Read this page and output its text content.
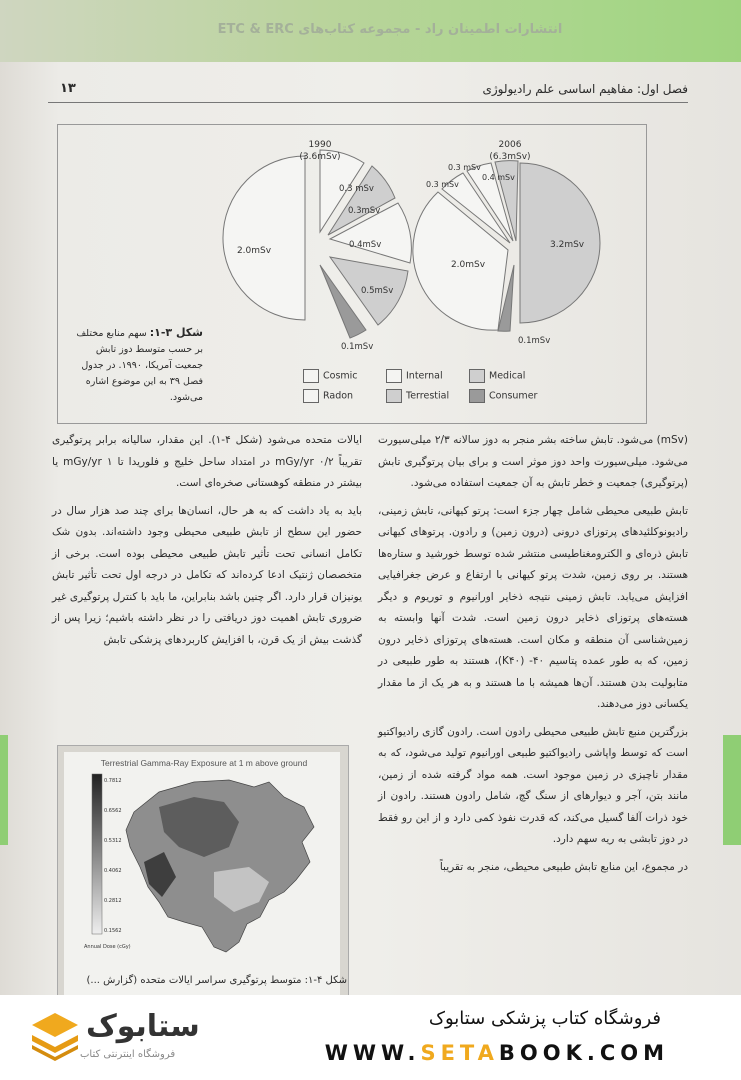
انتشارات اطمینان راد - مجموعه کتاب‌های ETC & ERC
۱۳	فصل اول: مفاهیم اساسی علم رادیولوژی
1990
(3.6mSv)
2.0mSv
0.3 mSv
0.3mSv
0.4mSv
0.5mSv
0.1mSv
2006
(6.3mSv)
3.2mSv
2.0mSv
0.3 mSv
0.3 mSv
0.4 mSv
0.1mSv
شکل ۳-۱: سهم منابع مختلف بر حسب متوسط دوز تابش جمعیت آمریکا، ۱۹۹۰. در جدول فصل ۳۹ به این موضوع اشاره می‌شود.
Cosmic	Internal	Medical
Radon	Terrestial	Consumer

(mSv) می‌شود. تابش ساخته بشر منجر به دوز سالانه ۲/۳ میلی‌سیورت می‌شود. میلی‌سیورت واحد دوز موثر است و برای بیان پرتوگیری تابش (پرتوگیری) جمعیت و خطر تابش به آن جمعیت استفاده می‌شود.

تابش طبیعی محیطی شامل چهار جزء است: پرتو کیهانی، تابش زمینی، رادیونوکلئیدهای پرتوزای درونی (درون زمین) و رادون. پرتوهای کیهانی تابش ذره‌ای و الکترومغناطیسی منتشر شده توسط خورشید و ستاره‌ها هستند. بر روی زمین، شدت پرتو کیهانی با ارتفاع و عرض جغرافیایی افزایش می‌یابد. تابش زمینی نتیجه ذخایر اورانیوم و توریوم و دیگر هسته‌های پرتوزای ذخایر درون زمین است. شدت آنها وابسته به زمین‌شناسی آن منطقه و مکان است. هسته‌های پرتوزای ذخایر درون زمین، که به طور عمده پتاسیم ۴۰- (K۴۰)، هستند به طور طبیعی در متابولیت بدن هستند. آن‌ها همیشه با ما هستند و به هر یک از ما مقدار یکسانی دوز می‌دهند.

بزرگترین منبع تابش طبیعی محیطی رادون است. رادون گازی رادیواکتیو است که توسط واپاشی رادیواکتیو طبیعی اورانیوم تولید می‌شود، که به مقدار ناچیزی در زمین موجود است. همه مواد گرفته شده از زمین، مانند بتن، آجر و دیوارهای از سنگ گچ، شامل رادون هستند. رادون از خود ذرات آلفا گسیل می‌کند، که قدرت نفوذ کمی دارد و از این رو فقط در دوز تابشی به ریه سهم دارد.

در مجموع، این منابع تابش طبیعی محیطی، منجر به تقریباً

ایالات متحده می‌شود (شکل ۴-۱). این مقدار، سالیانه برابر پرتوگیری تقریباً ۰/۲ mGy/yr در امتداد ساحل خلیج و فلوریدا تا ۱ mGy/yr یا بیشتر در منطقه کوهستانی صخره‌ای است.

باید به یاد داشت که به هر حال، انسان‌ها برای چند صد هزار سال در حضور این سطح از تابش طبیعی محیطی وجود داشته‌اند. بدون شک تکامل انسانی تحت تأثیر تابش طبیعی محیطی بوده است. برخی از متخصصان ژنتیک ادعا کرده‌اند که تکامل در درجه اول تحت تأثیر تابش یونیزان قرار دارد. اگر چنین باشد بنابراین، ما باید با کنترل پرتوگیری غیر ضروری تابش اهمیت دوز دریافتی را در نظر داشته باشیم؛ زیرا پس از گذشت بیش از یک قرن، با افزایش کاربردهای پزشکی تابش

Terrestrial Gamma-Ray Exposure at 1 m above ground
0.7812
0.6562
0.5312
0.4062
0.2812
0.1562
Annual Dose (cGy)
شکل ۴-۱: متوسط پرتوگیری سراسر ایالات متحده (گزارش ...)
ستابوک
فروشگاه اینترنتی کتاب
فروشگاه کتاب پزشکی ستابوک
WWW.SETABOOK.COM
